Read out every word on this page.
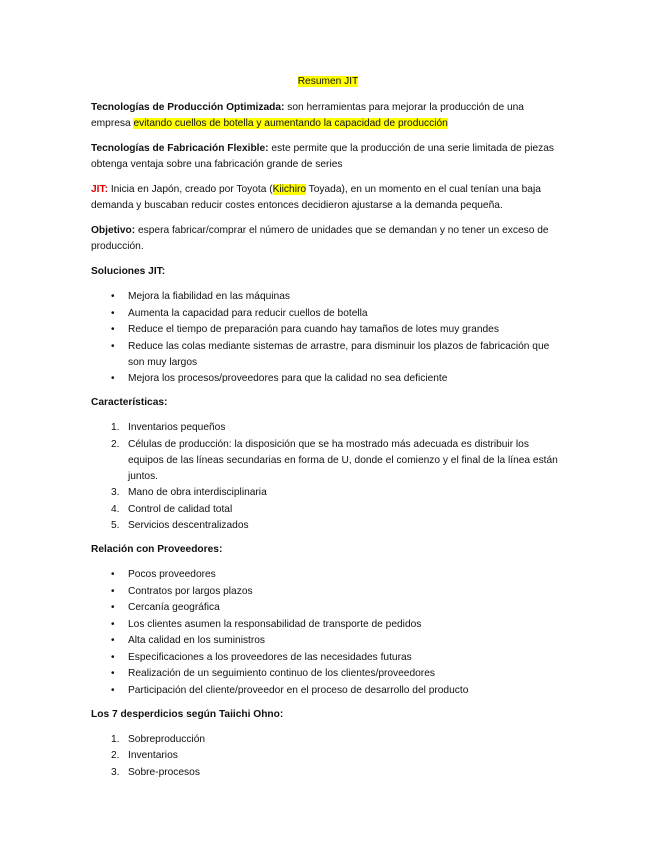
Resumen JIT

Tecnologías de Producción Optimizada: son herramientas para mejorar la producción de una empresa evitando cuellos de botella y aumentando la capacidad de producción

Tecnologías de Fabricación Flexible: este permite que la producción de una serie limitada de piezas obtenga ventaja sobre una fabricación grande de series

JIT: Inicia en Japón, creado por Toyota (Kiichiro Toyada), en un momento en el cual tenían una baja demanda y buscaban reducir costes entonces decidieron ajustarse a la demanda pequeña.

Objetivo: espera fabricar/comprar el número de unidades que se demandan y no tener un exceso de producción.

Soluciones JIT:
• Mejora la fiabilidad en las máquinas
• Aumenta la capacidad para reducir cuellos de botella
• Reduce el tiempo de preparación para cuando hay tamaños de lotes muy grandes
• Reduce las colas mediante sistemas de arrastre, para disminuir los plazos de fabricación que son muy largos
• Mejora los procesos/proveedores para que la calidad no sea deficiente
Características:
1. Inventarios pequeños
2. Células de producción: la disposición que se ha mostrado más adecuada es distribuir los equipos de las líneas secundarias en forma de U, donde el comienzo y el final de la línea están juntos.
3. Mano de obra interdisciplinaria
4. Control de calidad total
5. Servicios descentralizados
Relación con Proveedores:
• Pocos proveedores
• Contratos por largos plazos
• Cercanía geográfica
• Los clientes asumen la responsabilidad de transporte de pedidos
• Alta calidad en los suministros
• Especificaciones a los proveedores de las necesidades futuras
• Realización de un seguimiento continuo de los clientes/proveedores
• Participación del cliente/proveedor en el proceso de desarrollo del producto
Los 7 desperdicios según Taiichi Ohno:
1. Sobreproducción
2. Inventarios
3. Sobre-procesos
